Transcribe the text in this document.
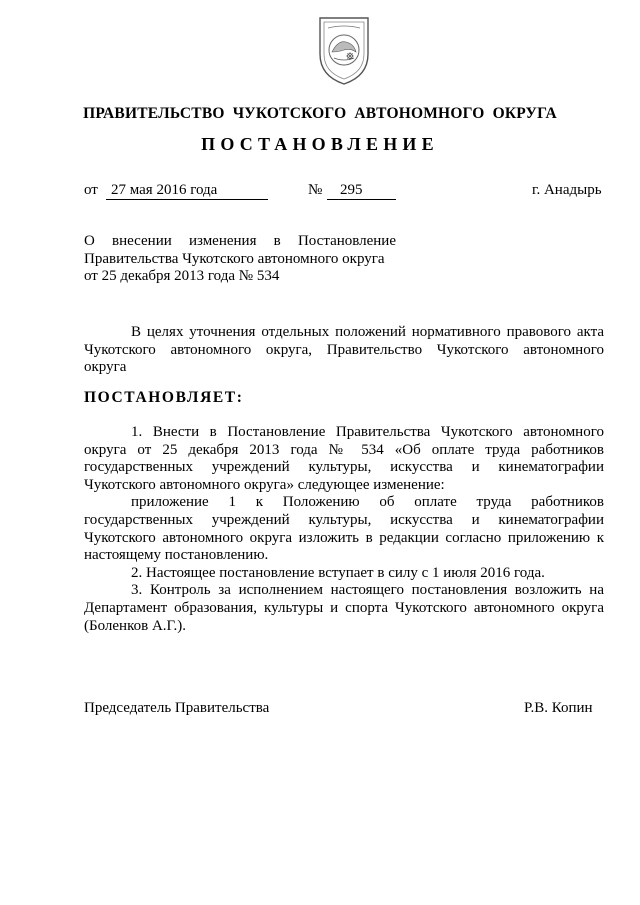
ПРАВИТЕЛЬСТВО ЧУКОТСКОГО АВТОНОМНОГО ОКРУГА
ПОСТАНОВЛЕНИЕ
от 27 мая 2016 года	№ 295	г. Анадырь
О внесении изменения в Постановление
Правительства Чукотского автономного округа
от 25 декабря 2013 года № 534
В целях уточнения отдельных положений нормативного правового акта
Чукотского автономного округа, Правительство Чукотского автономного
округа
ПОСТАНОВЛЯЕТ:
1. Внести в Постановление Правительства Чукотского автономного
округа от 25 декабря 2013 года № 534 «Об оплате труда работников
государственных учреждений культуры, искусства и кинематографии
Чукотского автономного округа» следующее изменение:
приложение 1 к Положению об оплате труда работников
государственных учреждений культуры, искусства и кинематографии
Чукотского автономного округа изложить в редакции согласно приложению к
настоящему постановлению.
2. Настоящее постановление вступает в силу с 1 июля 2016 года.
3. Контроль за исполнением настоящего постановления возложить на
Департамент образования, культуры и спорта Чукотского автономного округа
(Боленков А.Г.).
Председатель Правительства	Р.В. Копин
